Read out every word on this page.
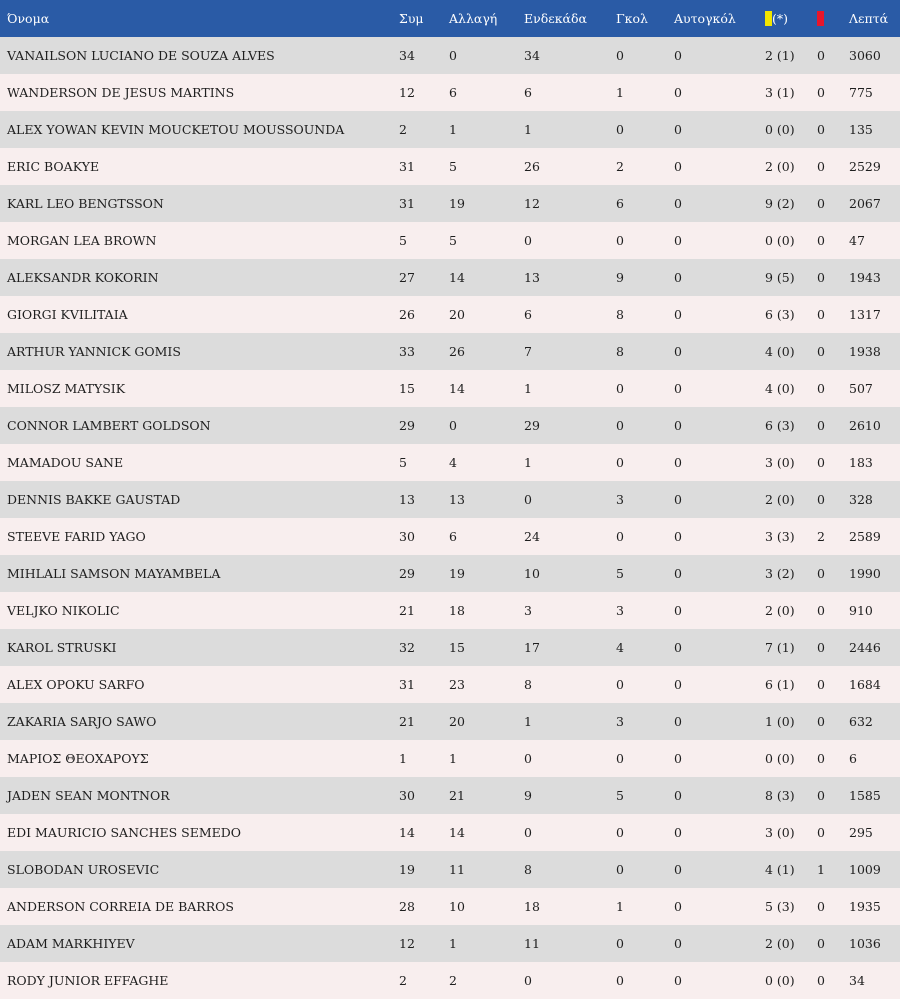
Όνομα	Συμ	Αλλαγή	Ενδεκάδα	Γκολ	Αυτογκόλ	(*)		Λεπτά
VANAILSON LUCIANO DE SOUZA ALVES	34	0	34	0	0	2 (1)	0	3060
WANDERSON DE JESUS MARTINS	12	6	6	1	0	3 (1)	0	775
ALEX YOWAN KEVIN MOUCKETOU MOUSSOUNDA	2	1	1	0	0	0 (0)	0	135
ERIC BOAKYE	31	5	26	2	0	2 (0)	0	2529
KARL LEO BENGTSSON	31	19	12	6	0	9 (2)	0	2067
MORGAN LEA BROWN	5	5	0	0	0	0 (0)	0	47
ALEKSANDR KOKORIN	27	14	13	9	0	9 (5)	0	1943
GIORGI KVILITAIA	26	20	6	8	0	6 (3)	0	1317
ARTHUR YANNICK GOMIS	33	26	7	8	0	4 (0)	0	1938
MILOSZ MATYSIK	15	14	1	0	0	4 (0)	0	507
CONNOR LAMBERT GOLDSON	29	0	29	0	0	6 (3)	0	2610
MAMADOU SANE	5	4	1	0	0	3 (0)	0	183
DENNIS BAKKE GAUSTAD	13	13	0	3	0	2 (0)	0	328
STEEVE FARID YAGO	30	6	24	0	0	3 (3)	2	2589
MIHLALI SAMSON MAYAMBELA	29	19	10	5	0	3 (2)	0	1990
VELJKO NIKOLIC	21	18	3	3	0	2 (0)	0	910
KAROL STRUSKI	32	15	17	4	0	7 (1)	0	2446
ALEX OPOKU SARFO	31	23	8	0	0	6 (1)	0	1684
ZAKARIA SARJO SAWO	21	20	1	3	0	1 (0)	0	632
ΜΑΡΙΟΣ ΘΕΟΧΑΡΟΥΣ	1	1	0	0	0	0 (0)	0	6
JADEN SEAN MONTNOR	30	21	9	5	0	8 (3)	0	1585
EDI MAURICIO SANCHES SEMEDO	14	14	0	0	0	3 (0)	0	295
SLOBODAN UROSEVIC	19	11	8	0	0	4 (1)	1	1009
ANDERSON CORREIA DE BARROS	28	10	18	1	0	5 (3)	0	1935
ADAM MARKHIYEV	12	1	11	0	0	2 (0)	0	1036
RODY JUNIOR EFFAGHE	2	2	0	0	0	0 (0)	0	34
